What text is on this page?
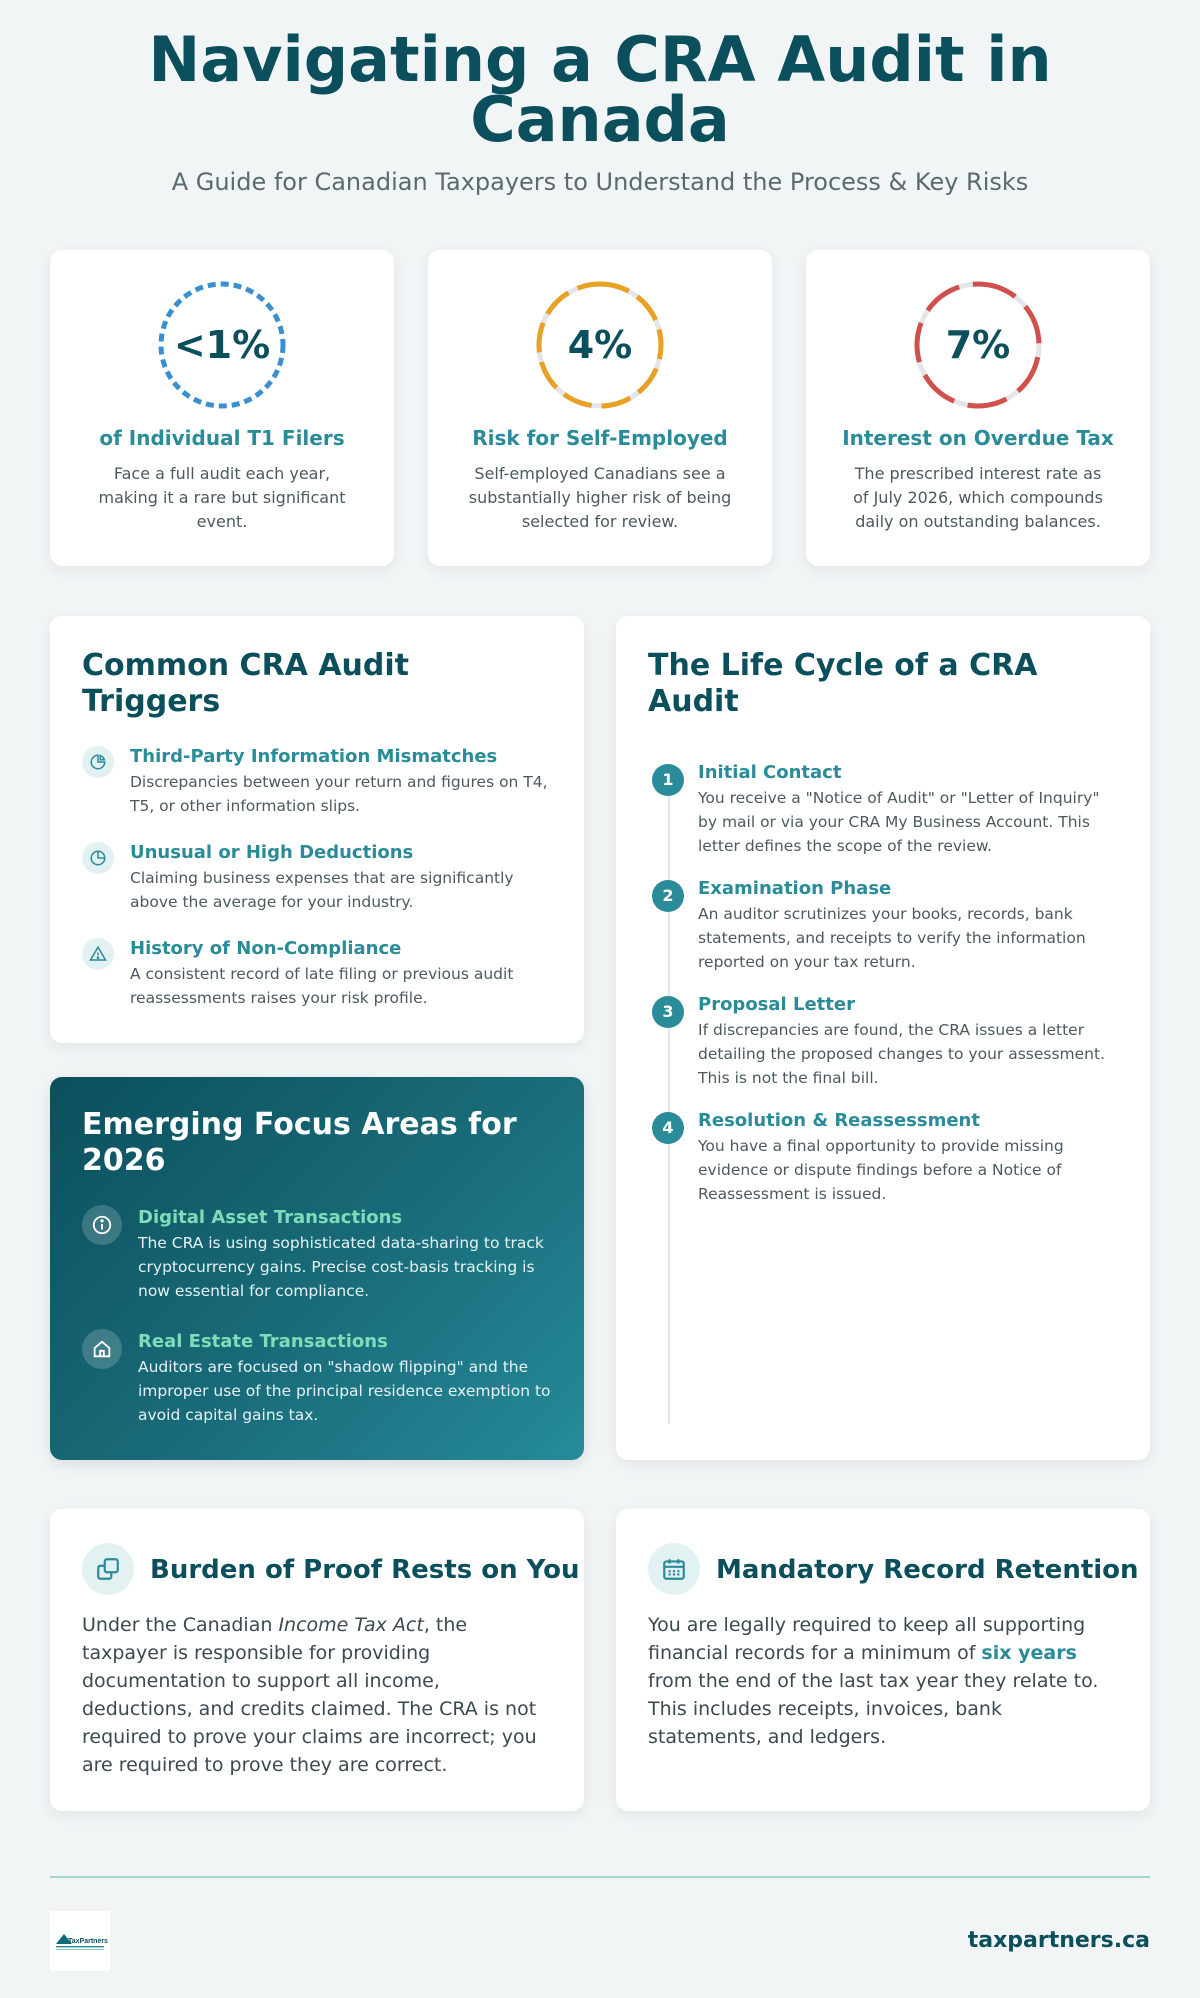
Navigating a CRA Audit in Canada
A Guide for Canadian Taxpayers to Understand the Process & Key Risks
<1%
of Individual T1 Filers
Face a full audit each year, making it a rare but significant event.
4%
Risk for Self-Employed
Self-employed Canadians see a substantially higher risk of being selected for review.
7%
Interest on Overdue Tax
The prescribed interest rate as of July 2026, which compounds daily on outstanding balances.
Common CRA Audit Triggers
Third-Party Information Mismatches
Discrepancies between your return and figures on T4, T5, or other information slips.
Unusual or High Deductions
Claiming business expenses that are significantly above the average for your industry.
History of Non-Compliance
A consistent record of late filing or previous audit reassessments raises your risk profile.
Emerging Focus Areas for 2026
Digital Asset Transactions
The CRA is using sophisticated data-sharing to track cryptocurrency gains. Precise cost-basis tracking is now essential for compliance.
Real Estate Transactions
Auditors are focused on "shadow flipping" and the improper use of the principal residence exemption to avoid capital gains tax.
The Life Cycle of a CRA Audit
1	Initial Contact
You receive a "Notice of Audit" or "Letter of Inquiry" by mail or via your CRA My Business Account. This letter defines the scope of the review.
2	Examination Phase
An auditor scrutinizes your books, records, bank statements, and receipts to verify the information reported on your tax return.
3	Proposal Letter
If discrepancies are found, the CRA issues a letter detailing the proposed changes to your assessment. This is not the final bill.
4	Resolution & Reassessment
You have a final opportunity to provide missing evidence or dispute findings before a Notice of Reassessment is issued.
Burden of Proof Rests on You
Under the Canadian Income Tax Act, the taxpayer is responsible for providing documentation to support all income, deductions, and credits claimed. The CRA is not required to prove your claims are incorrect; you are required to prove they are correct.
Mandatory Record Retention
You are legally required to keep all supporting financial records for a minimum of six years from the end of the last tax year they relate to. This includes receipts, invoices, bank statements, and ledgers.
TaxPartners	taxpartners.ca
